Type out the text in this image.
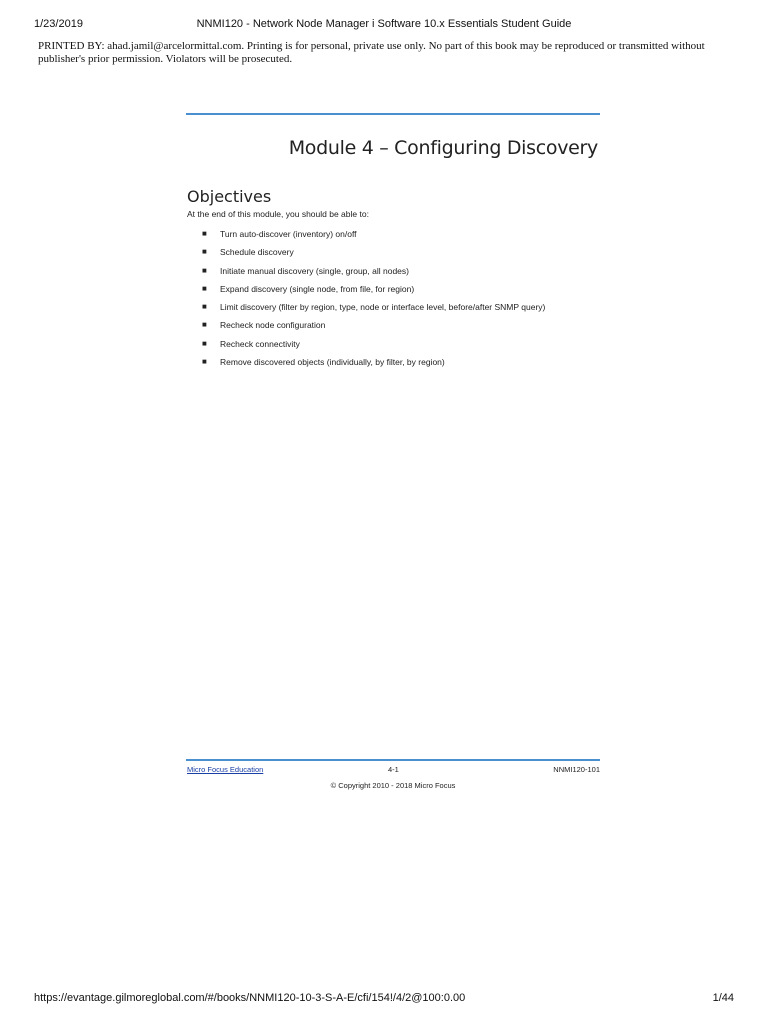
1/23/2019	NNMI120 - Network Node Manager i Software 10.x Essentials Student Guide
PRINTED BY: ahad.jamil@arcelormittal.com. Printing is for personal, private use only. No part of this book may be reproduced or transmitted without publisher's prior permission. Violators will be prosecuted.
Module 4 – Configuring Discovery
Objectives
At the end of this module, you should be able to:
■ Turn auto-discover (inventory) on/off
■ Schedule discovery
■ Initiate manual discovery (single, group, all nodes)
■ Expand discovery (single node, from file, for region)
■ Limit discovery (filter by region, type, node or interface level, before/after SNMP query)
■ Recheck node configuration
■ Recheck connectivity
■ Remove discovered objects (individually, by filter, by region)
Micro Focus Education	4-1	NNMI120-101
© Copyright 2010 - 2018 Micro Focus
https://evantage.gilmoreglobal.com/#/books/NNMI120-10-3-S-A-E/cfi/154!/4/2@100:0.00	1/44
